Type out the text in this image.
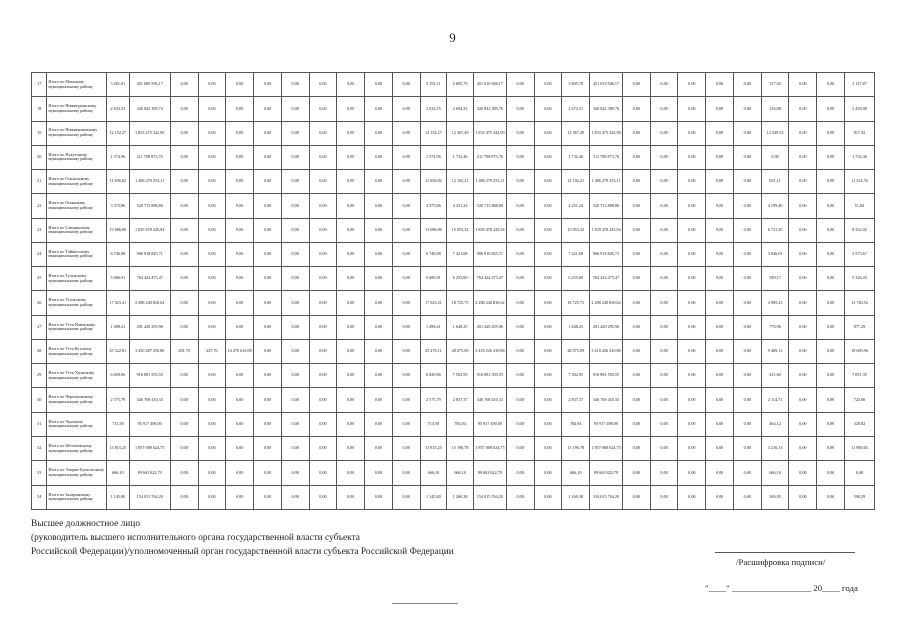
9
17	Итого по Мамскому муниципальному району	3 261,81	451 600 596,17	0,00	0,00	0,00	0,00	0,00	0,00	0,00	0,00	0,00	3 191,11	2 605,79	451 616 946,17	0,00	0,00	3 605,78	451 619 946,17	0,00	0,00	0,00	0,00	0,00	517,92	0,00	0,00	3 137,87
18	Итого по Нижнеудинскому муниципальному району	2 633,53	326 842 389,74	0,00	0,00	0,00	0,00	0,00	0,00	0,00	0,00	0,00	2 632,55	2 694,33	326 842 389,76	0,00	0,00	2 674,31	326 842 389,76	0,00	0,00	0,00	0,00	0,00	216,88	0,00	0,00	2 459,00
19	Итого по Нижнеилимскому муниципальному району	12 152,27	1 833 475 342,90	0,00	0,00	0,00	0,00	0,00	0,00	0,00	0,00	0,00	12 152,27	12 367,49	1 833 475 342,90	0,00	0,00	12 367,49	1 833 475 342,90	0,00	0,00	0,00	0,00	0,00	12 549,53	0,00	0,00	817,92
20	Итого по Нукутскому муниципальному району	1 574,96	211 798 873,76	0,00	0,00	0,00	0,00	0,00	0,00	0,00	0,00	0,00	1 574,96	1 732,46	211 798 873,76	0,00	0,00	1 732,46	211 798 873,76	0,00	0,00	0,00	0,00	0,00	0,00	0,00	0,00	1 732,46
21	Итого по Ольхонскому муниципальному району	11 656,82	1 486 279 253,11	0,00	0,00	0,00	0,00	0,00	0,00	0,00	0,00	0,00	11 656,82	12 102,21	1 486 279 253,11	0,00	0,00	12 102,21	1 486 279 253,11	0,00	0,00	0,00	0,00	0,00	651,11	0,00	0,00	11 324,76
22	Итого по Осинскому муниципальному району	3 375,86	520 713 886,80	0,00	0,00	0,00	0,00	0,00	0,00	0,00	0,00	0,00	3 375,86	4 251,24	520 713 888,80	0,00	0,00	4 251,24	520 713 888,80	0,00	0,00	0,00	0,00	0,00	4 199,40	0,00	0,00	51,84
23	Итого по Слюдянскому муниципальному району	13 686,86	1 839 478 245,94	0,00	0,00	0,00	0,00	0,00	0,00	0,00	0,00	0,00	13 686,86	15 053,32	1 839 478 245,94	0,00	0,00	15 053,32	1 839 478 245,94	0,00	0,00	0,00	0,00	0,00	6 721,30	0,00	0,00	8 332,02
24	Итого по Тайшетскому муниципальному району	6 746,98	906 918 845,71	0,00	0,00	0,00	0,00	0,00	0,00	0,00	0,00	0,00	6 746,98	7 421,68	906 918 845,71	0,00	0,00	7 421,68	906 918 845,71	0,00	0,00	0,00	0,00	0,00	3 846,01	0,00	0,00	3 575,67
25	Итого по Тулунскому муниципальному району	5 686,91	764 424 473,47	0,00	0,00	0,00	0,00	0,00	0,00	0,00	0,00	0,00	5 686,91	6 255,60	764 424 473,47	0,00	0,00	6 255,60	764 424 473,47	0,00	0,00	0,00	0,00	0,00	929,17	0,00	0,00	5 326,43
26	Итого по Усольскому муниципальному району	17 023,41	2 288 240 830,62	0,00	0,00	0,00	0,00	0,00	0,00	0,00	0,00	0,00	17 023,41	18 725,75	2 288 240 830,62	0,00	0,00	18 725,75	2 288 240 830,62	0,00	0,00	0,00	0,00	0,00	4 985,23	0,00	0,00	13 740,52
27	Итого по Усть-Илимскому муниципальному району	1 498,41	201 420 295,96	0,00	0,00	0,00	0,00	0,00	0,00	0,00	0,00	0,00	1 498,41	1 648,25	201 420 295,96	0,00	0,00	1 648,25	201 420 295,96	0,00	0,00	0,00	0,00	0,00	770,96	0,00	0,00	877,29
28	Итого по Усть-Кутскому муниципальному району	25 522,81	3 430 287 250,86	281,70	247,70	14 470 616,00	0,00	0,00	0,00	0,00	0,00	0,00	25 276,11	28 075,09	3 418 226 410,86	0,00	0,00	28 075,09	3 418 226 410,86	0,00	0,00	0,00	0,00	0,00	9 469,13	0,00	0,00	18 605,96
29	Итого по Усть-Удинскому муниципальному району	6 829,86	916 881 593,55	0,00	0,00	0,00	0,00	0,00	0,00	0,00	0,00	0,00	6 829,86	7 502,95	916 881 593,55	0,00	0,00	7 502,95	916 881 593,55	0,00	0,00	0,00	0,00	0,00	411,60	0,00	0,00	7 091,35
30	Итого по Черемховскому муниципальному району	2 575,79	346 768 410,33	0,00	0,00	0,00	0,00	0,00	0,00	0,00	0,00	0,00	2 575,79	2 837,37	346 768 410,33	0,00	0,00	2 837,37	346 768 410,33	0,00	0,00	0,00	0,00	0,00	2 114,71	0,00	0,00	723,06
31	Итого по Чунскому муниципальному району	713,58	95 917 490,00	0,00	0,00	0,00	0,00	0,00	0,00	0,00	0,00	0,00	713,58	784,94	95 917 490,00	0,00	0,00	784,94	95 917 490,00	0,00	0,00	0,00	0,00	0,00	464,12	0,00	0,00	320,82
32	Итого по Шелеховскому муниципальному району	13 815,25	1 857 008 624,75	0,00	0,00	0,00	0,00	0,00	0,00	0,00	0,00	0,00	13 815,25	15 196,78	1 857 008 624,75	0,00	0,00	15 196,78	1 857 008 624,75	0,00	0,00	0,00	0,00	0,00	3 216,13	0,00	0,00	11 980,65
33	Итого по Эхирит-Булагатскому муниципальному району	666,10	89 663 822,79	0,00	0,00	0,00	0,00	0,00	0,00	0,00	0,00	0,00	666,10	666,10	89 663 822,79	0,00	0,00	666,10	89 663 822,79	0,00	0,00	0,00	0,00	0,00	666,10	0,00	0,00	0,00
34	Итого по Заларинскому муниципальному району	1 145,80	154 015 764,20	0,00	0,00	0,00	0,00	0,00	0,00	0,00	0,00	0,00	1 145,80	1 260,38	154 015 764,20	0,00	0,00	1 260,38	154 015 764,20	0,00	0,00	0,00	0,00	0,00	569,95	0,00	0,00	590,29
Высшее должностное лицо
(руководитель высшего исполнительного органа государственной власти субъекта
Российской Федерации)/уполномоченный орган государственной власти субъекта Российской Федерации
/Расшифровка подписи/
"____" __________________ 20____ года
